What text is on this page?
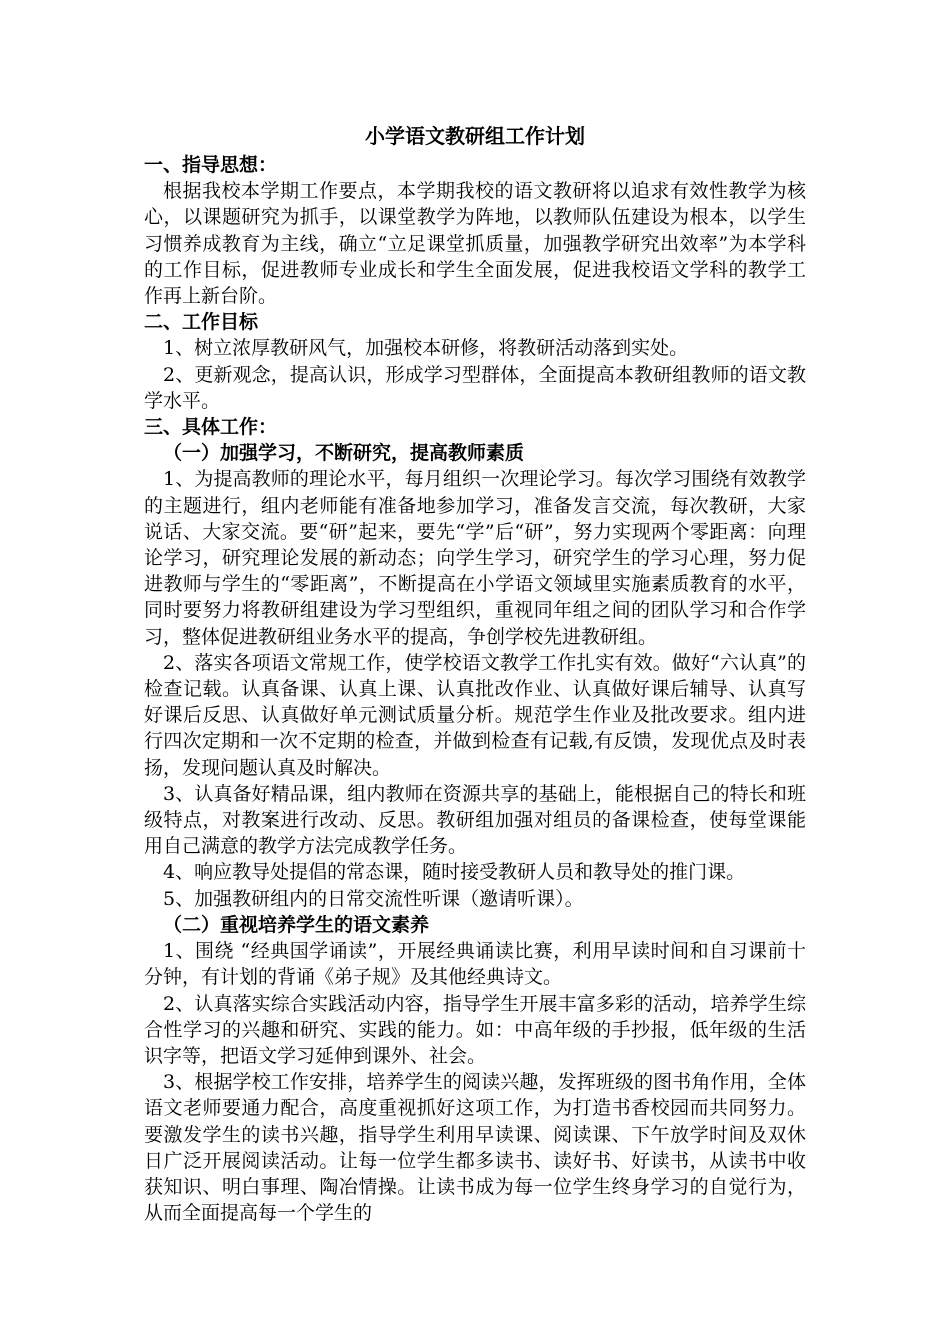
小学语文教研组工作计划

一、指导思想：

根据我校本学期工作要点，本学期我校的语文教研将以追求有效性教学为核心，以课题研究为抓手，以课堂教学为阵地，以教师队伍建设为根本，以学生习惯养成教育为主线，确立“立足课堂抓质量，加强教学研究出效率”为本学科的工作目标，促进教师专业成长和学生全面发展，促进我校语文学科的教学工作再上新台阶。

二、工作目标

1、树立浓厚教研风气，加强校本研修，将教研活动落到实处。

2、更新观念，提高认识，形成学习型群体，全面提高本教研组教师的语文教学水平。

三、具体工作：

（一）加强学习，不断研究，提高教师素质

1、为提高教师的理论水平，每月组织一次理论学习。每次学习围绕有效教学的主题进行，组内老师能有准备地参加学习，准备发言交流，每次教研，大家说话、大家交流。要“研”起来，要先“学”后“研”，努力实现两个零距离：向理论学习，研究理论发展的新动态；向学生学习，研究学生的学习心理，努力促进教师与学生的“零距离”，不断提高在小学语文领域里实施素质教育的水平，同时要努力将教研组建设为学习型组织，重视同年组之间的团队学习和合作学习，整体促进教研组业务水平的提高，争创学校先进教研组。

2、落实各项语文常规工作，使学校语文教学工作扎实有效。做好“六认真”的检查记载。认真备课、认真上课、认真批改作业、认真做好课后辅导、认真写好课后反思、认真做好单元测试质量分析。规范学生作业及批改要求。组内进行四次定期和一次不定期的检查，并做到检查有记载,有反馈，发现优点及时表扬，发现问题认真及时解决。

3、认真备好精品课，组内教师在资源共享的基础上，能根据自己的特长和班级特点，对教案进行改动、反思。教研组加强对组员的备课检查，使每堂课能用自己满意的教学方法完成教学任务。

4、响应教导处提倡的常态课，随时接受教研人员和教导处的推门课。

5、加强教研组内的日常交流性听课（邀请听课）。

（二）重视培养学生的语文素养

1、围绕 “经典国学诵读”，开展经典诵读比赛，利用早读时间和自习课前十分钟，有计划的背诵《弟子规》及其他经典诗文。

2、认真落实综合实践活动内容，指导学生开展丰富多彩的活动，培养学生综合性学习的兴趣和研究、实践的能力。如：中高年级的手抄报，低年级的生活识字等，把语文学习延伸到课外、社会。

3、根据学校工作安排，培养学生的阅读兴趣，发挥班级的图书角作用，全体语文老师要通力配合，高度重视抓好这项工作，为打造书香校园而共同努力。要激发学生的读书兴趣，指导学生利用早读课、阅读课、下午放学时间及双休日广泛开展阅读活动。让每一位学生都多读书、读好书、好读书，从读书中收获知识、明白事理、陶冶情操。让读书成为每一位学生终身学习的自觉行为，从而全面提高每一个学生的
